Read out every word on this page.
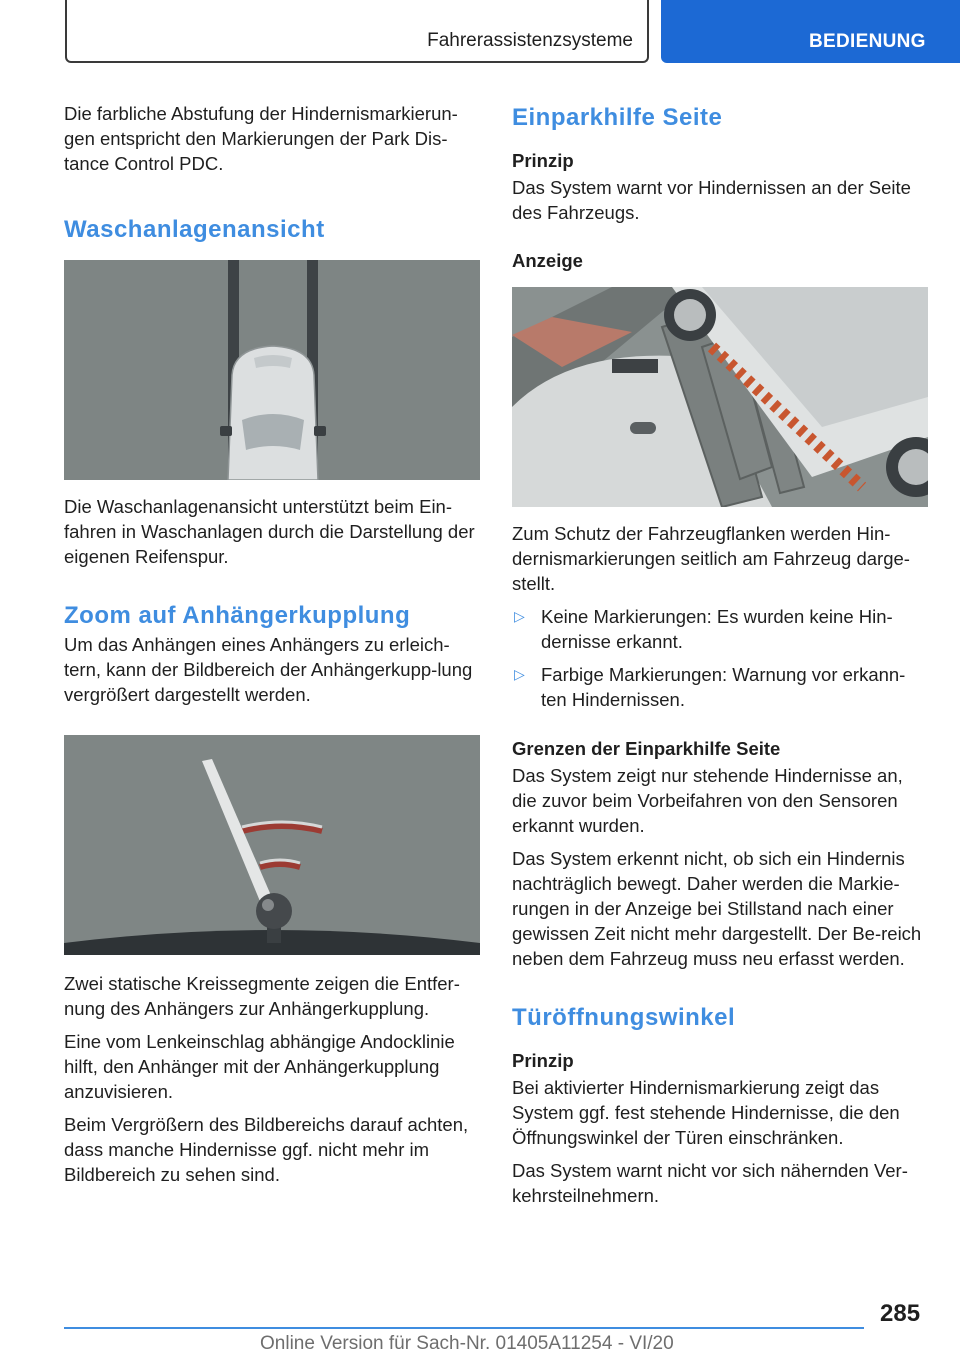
Fahrerassistenzsysteme	BEDIENUNG

Die farbliche Abstufung der Hindernismarkierun-gen entspricht den Markierungen der Park Dis-tance Control PDC.

Waschanlagenansicht

Die Waschanlagenansicht unterstützt beim Ein-fahren in Waschanlagen durch die Darstellung der eigenen Reifenspur.

Zoom auf Anhängerkupplung

Um das Anhängen eines Anhängers zu erleich-tern, kann der Bildbereich der Anhängerkupp-lung vergrößert dargestellt werden.

Zwei statische Kreissegmente zeigen die Entfer-nung des Anhängers zur Anhängerkupplung.

Eine vom Lenkeinschlag abhängige Andocklinie hilft, den Anhänger mit der Anhängerkupplung anzuvisieren.

Beim Vergrößern des Bildbereichs darauf achten, dass manche Hindernisse ggf. nicht mehr im Bildbereich zu sehen sind.

Einparkhilfe Seite
Prinzip

Das System warnt vor Hindernissen an der Seite des Fahrzeugs.

Anzeige

Zum Schutz der Fahrzeugflanken werden Hin-dernismarkierungen seitlich am Fahrzeug darge-stellt.

▷ Keine Markierungen: Es wurden keine Hin-dernisse erkannt.
▷ Farbige Markierungen: Warnung vor erkann-ten Hindernissen.
Grenzen der Einparkhilfe Seite

Das System zeigt nur stehende Hindernisse an, die zuvor beim Vorbeifahren von den Sensoren erkannt wurden.

Das System erkennt nicht, ob sich ein Hindernis nachträglich bewegt. Daher werden die Markie-rungen in der Anzeige bei Stillstand nach einer gewissen Zeit nicht mehr dargestellt. Der Be-reich neben dem Fahrzeug muss neu erfasst werden.

Türöffnungswinkel
Prinzip

Bei aktivierter Hindernismarkierung zeigt das System ggf. fest stehende Hindernisse, die den Öffnungswinkel der Türen einschränken.

Das System warnt nicht vor sich nähernden Ver-kehrsteilnehmern.

285
Online Version für Sach-Nr. 01405A11254 - VI/20
